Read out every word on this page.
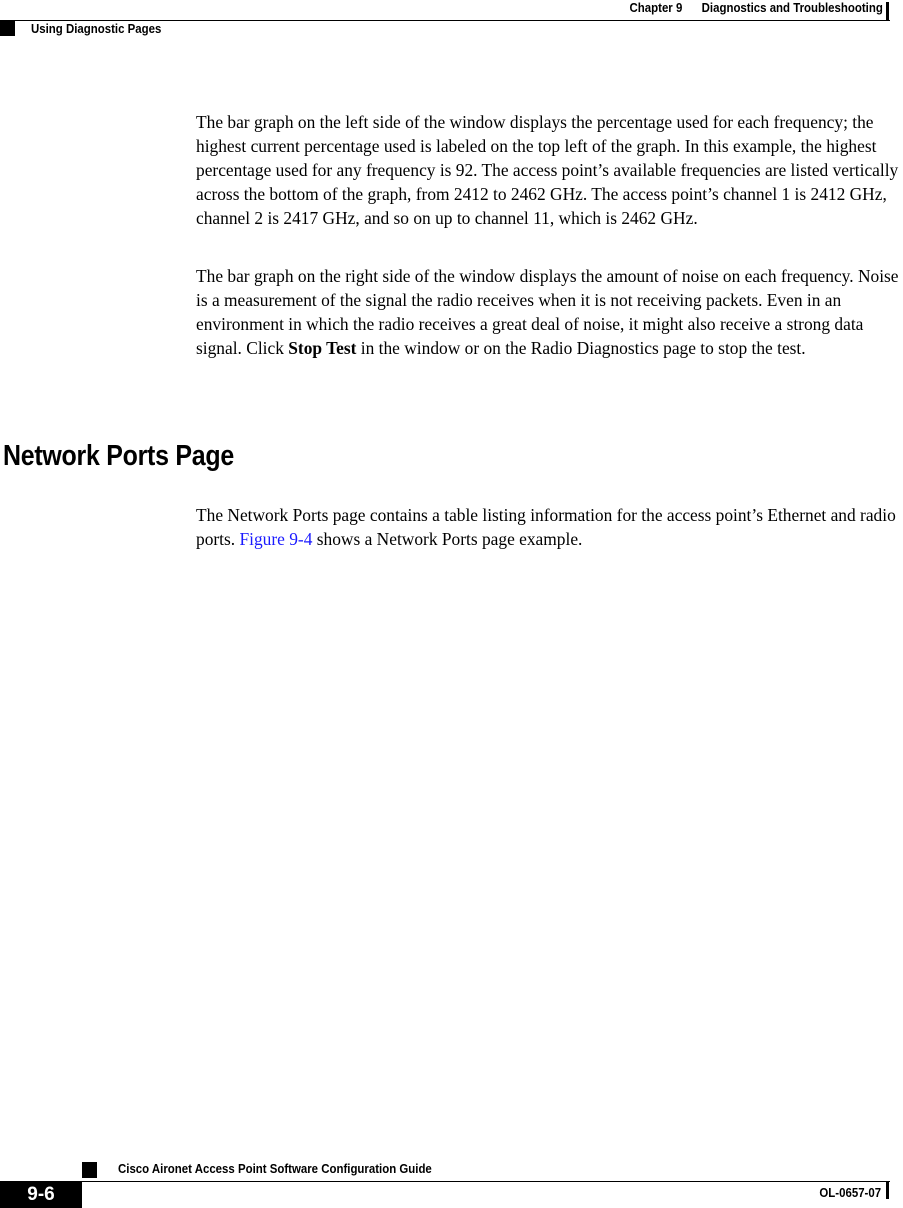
Chapter 9 Diagnostics and Troubleshooting
Using Diagnostic Pages

The bar graph on the left side of the window displays the percentage used for each frequency; the highest current percentage used is labeled on the top left of the graph. In this example, the highest percentage used for any frequency is 92. The access point’s available frequencies are listed vertically across the bottom of the graph, from 2412 to 2462 GHz. The access point’s channel 1 is 2412 GHz, channel 2 is 2417 GHz, and so on up to channel 11, which is 2462 GHz.

The bar graph on the right side of the window displays the amount of noise on each frequency. Noise is a measurement of the signal the radio receives when it is not receiving packets. Even in an environment in which the radio receives a great deal of noise, it might also receive a strong data signal. Click Stop Test in the window or on the Radio Diagnostics page to stop the test.

Network Ports Page

The Network Ports page contains a table listing information for the access point’s Ethernet and radio ports. Figure 9-4 shows a Network Ports page example.

9-6
Cisco Aironet Access Point Software Configuration Guide
OL-0657-07
